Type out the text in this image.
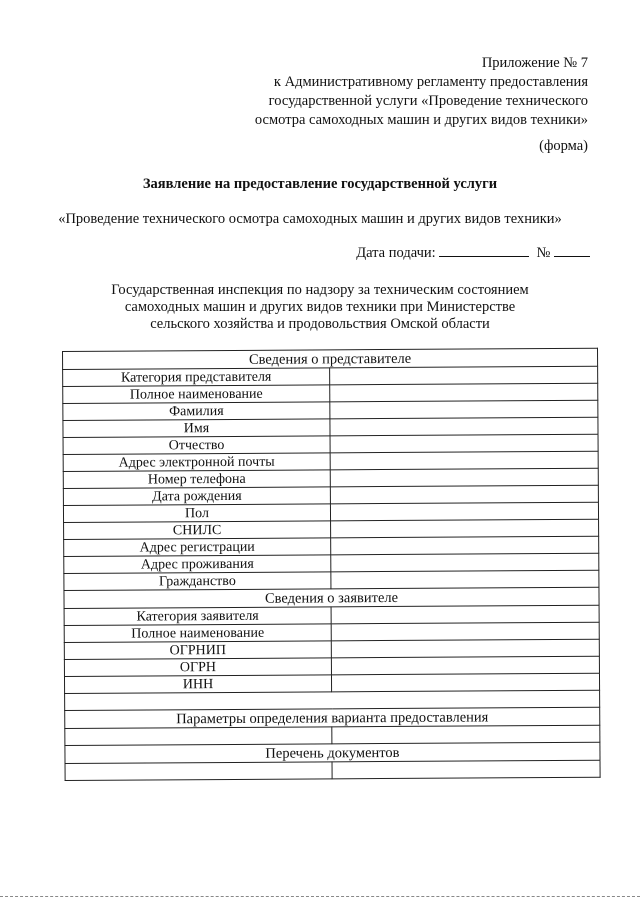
Приложение № 7
к Административному регламенту предоставления
государственной услуги «Проведение технического
осмотра самоходных машин и других видов техники»
(форма)
Заявление на предоставление государственной услуги
«Проведение технического осмотра самоходных машин и других видов техники»
Дата подачи:	№
Государственная инспекция по надзору за техническим состоянием
самоходных машин и других видов техники при Министерстве
сельского хозяйства и продовольствия Омской области
Сведения о представителе	
Категория представителя	
Полное наименование	
Фамилия	
Имя	
Отчество	
Адрес электронной почты	
Номер телефона	
Дата рождения	
Пол	
СНИЛС	
Адрес регистрации	
Адрес проживания	
Гражданство	
Сведения о заявителе	
Категория заявителя	
Полное наименование	
ОГРНИП	
ОГРН	
ИНН	

Параметры определения варианта предоставления	

Перечень документов	
